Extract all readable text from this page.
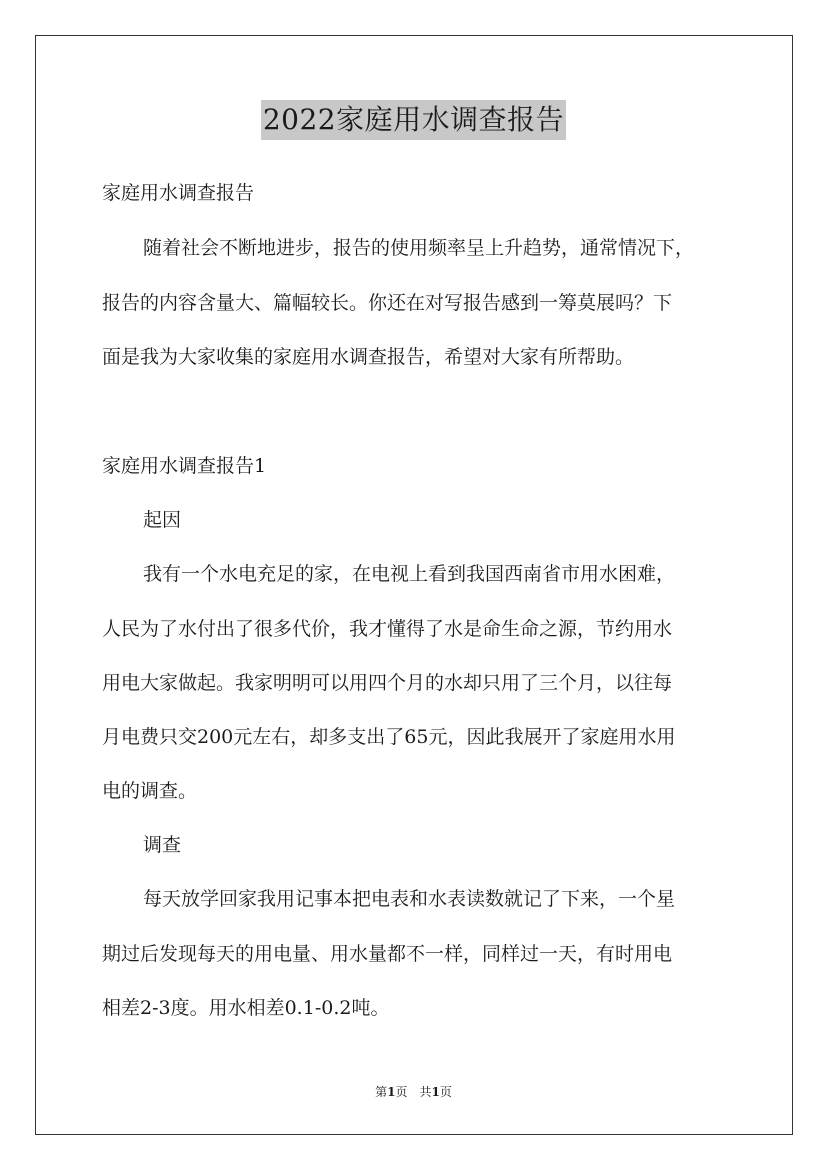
2022家庭用水调查报告
家庭用水调查报告
随着社会不断地进步，报告的使用频率呈上升趋势，通常情况下，
报告的内容含量大、篇幅较长。你还在对写报告感到一筹莫展吗？下
面是我为大家收集的家庭用水调查报告，希望对大家有所帮助。
家庭用水调查报告1
起因
我有一个水电充足的家，在电视上看到我国西南省市用水困难，
人民为了水付出了很多代价，我才懂得了水是命生命之源，节约用水
用电大家做起。我家明明可以用四个月的水却只用了三个月，以往每
月电费只交200元左右，却多支出了65元，因此我展开了家庭用水用
电的调查。
调查
每天放学回家我用记事本把电表和水表读数就记了下来，一个星
期过后发现每天的用电量、用水量都不一样，同样过一天，有时用电
相差2-3度。用水相差0.1-0.2吨。
第1页　共1页
